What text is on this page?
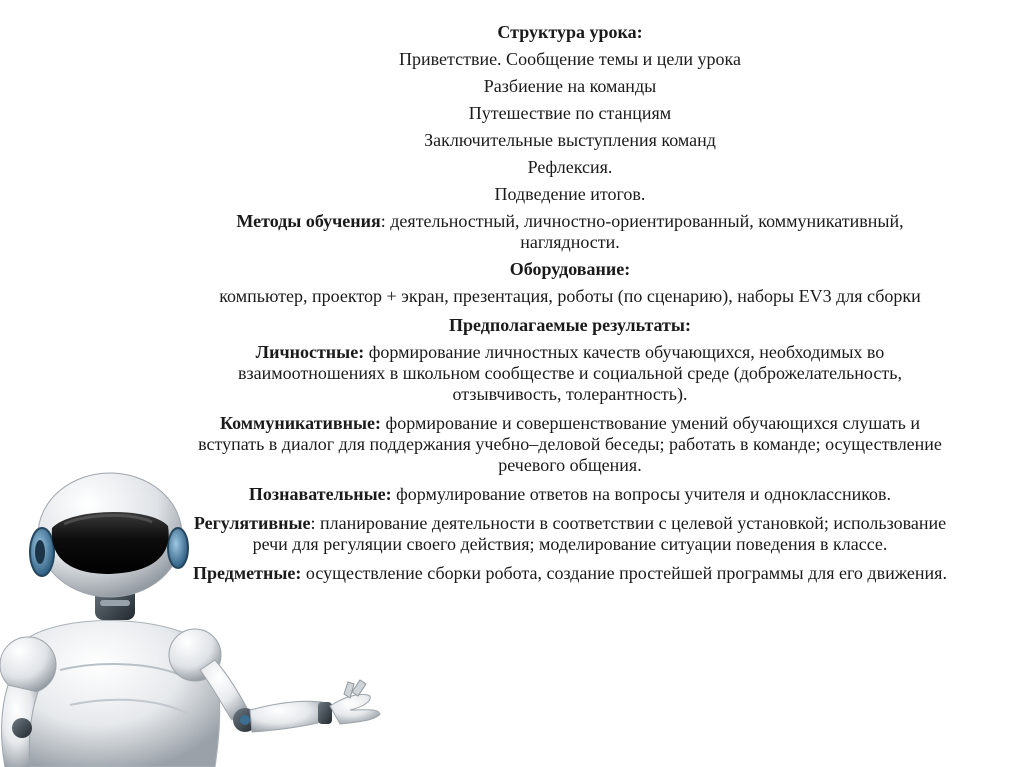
Структура урока:

Приветствие. Сообщение темы и цели урока

Разбиение на команды

Путешествие по станциям

Заключительные выступления команд

Рефлексия.

Подведение итогов.

Методы обучения: деятельностный, личностно-ориентированный, коммуникативный, наглядности.

Оборудование:

компьютер, проектор + экран, презентация, роботы (по сценарию), наборы EV3 для сборки

Предполагаемые результаты:

Личностные: формирование личностных качеств обучающихся, необходимых во взаимоотношениях в школьном сообществе и социальной среде (доброжелательность, отзывчивость, толерантность).

Коммуникативные: формирование и совершенствование умений обучающихся слушать и вступать в диалог для поддержания учебно–деловой беседы; работать в команде; осуществление речевого общения.

Познавательные: формулирование ответов на вопросы учителя и одноклассников.

Регулятивные: планирование деятельности в соответствии с целевой установкой; использование речи для регуляции своего действия; моделирование ситуации поведения в классе.

Предметные: осуществление сборки робота, создание простейшей программы для его движения.
